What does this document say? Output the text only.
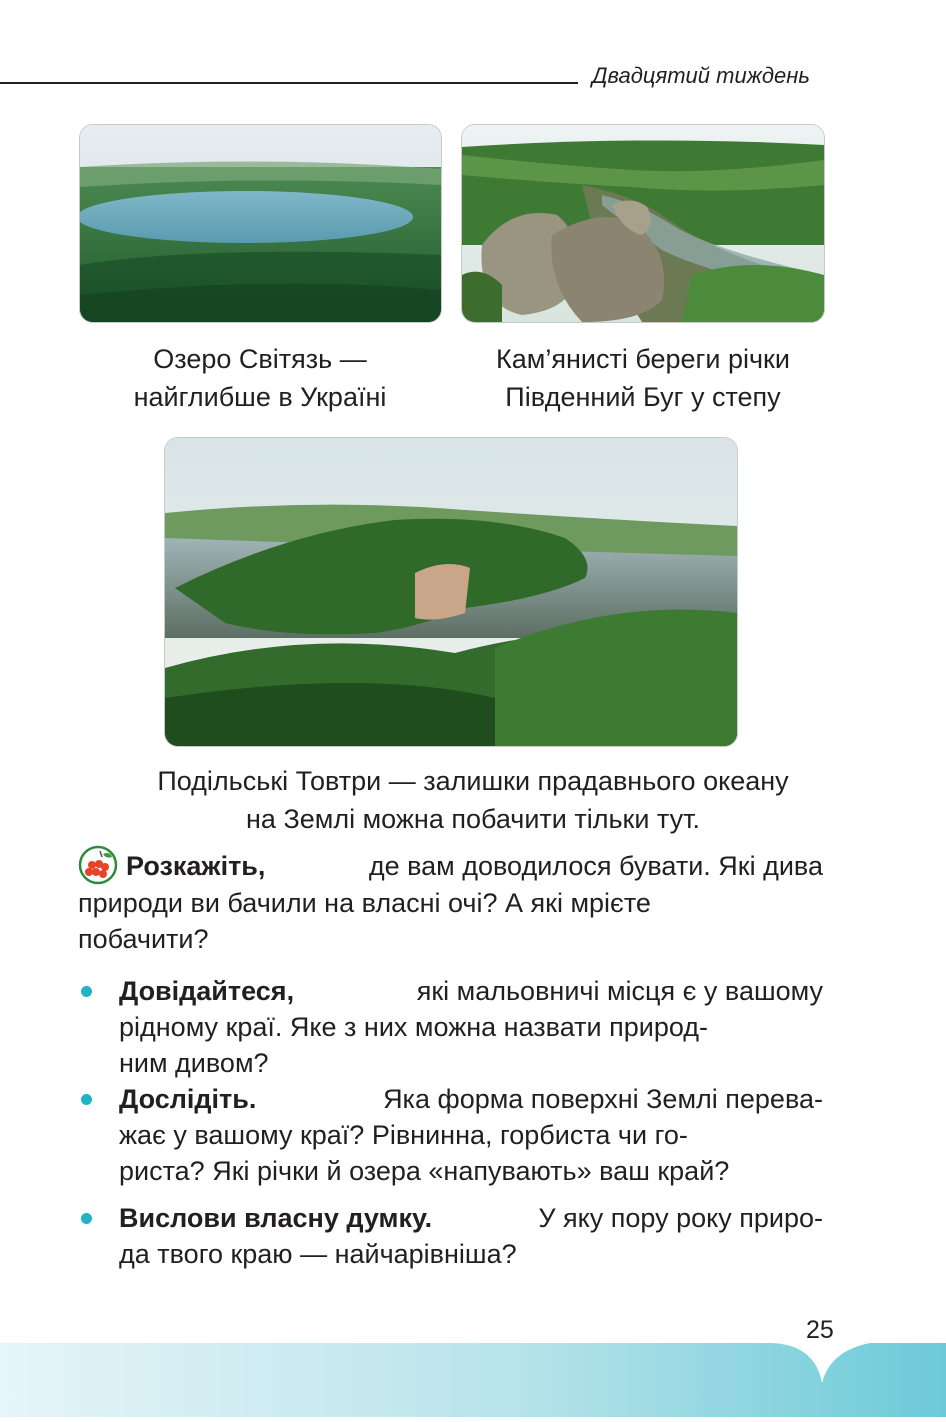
Двадцятий тиждень
Озеро Світязь —
найглибше в Україні
Кам’янисті береги річки
Південний Буг у степу
Подільські Товтри — залишки прадавнього океану
на Землі можна побачити тільки тут.
Розкажіть,	де вам доводилося бувати. Які дива
природи ви бачили на власні очі? А які мрієте
побачити?
Довідайтеся,	які мальовничі місця є у вашому
рідному краї. Яке з них можна назвати природ-
ним дивом?
Дослідіть.	Яка форма поверхні Землі перева-
жає у вашому краї? Рівнинна, горбиста чи го-
риста? Які річки й озера «напувають» ваш край?
Вислови власну думку.	У яку пору року приро-
да твого краю — найчарівніша?
25
